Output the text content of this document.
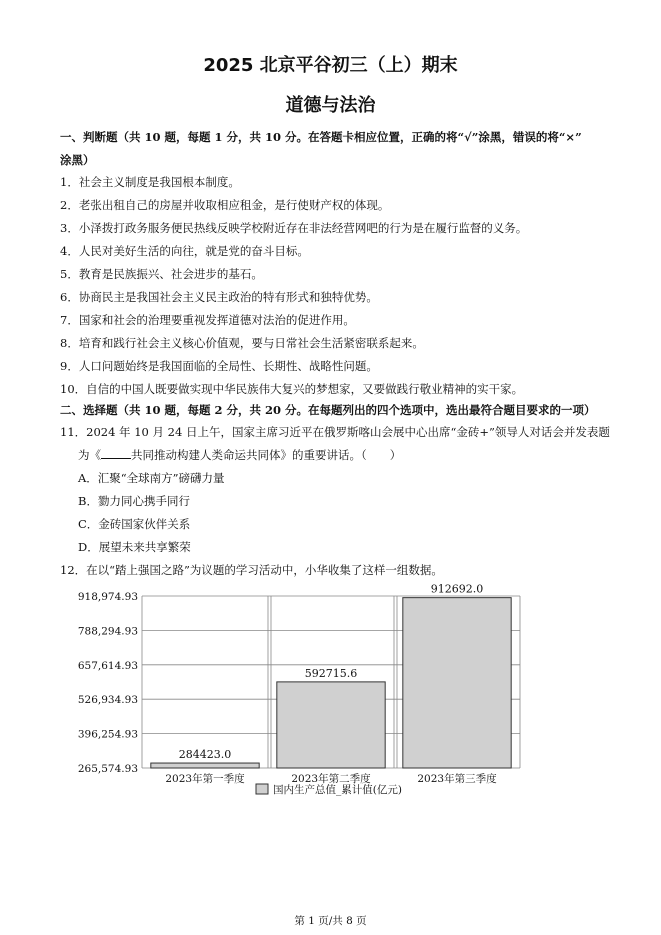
2025 北京平谷初三（上）期末
道德与法治
一、判断题（共 10 题，每题 1 分，共 10 分。在答题卡相应位置，正确的将“√”涂黑，错误的将“×”
涂黑）
1．社会主义制度是我国根本制度。
2．老张出租自己的房屋并收取相应租金，是行使财产权的体现。
3．小泽拨打政务服务便民热线反映学校附近存在非法经营网吧的行为是在履行监督的义务。
4．人民对美好生活的向往，就是党的奋斗目标。
5．教育是民族振兴、社会进步的基石。
6．协商民主是我国社会主义民主政治的特有形式和独特优势。
7．国家和社会的治理要重视发挥道德对法治的促进作用。
8．培育和践行社会主义核心价值观，要与日常社会生活紧密联系起来。
9．人口问题始终是我国面临的全局性、长期性、战略性问题。
10．自信的中国人既要做实现中华民族伟大复兴的梦想家，又要做践行敬业精神的实干家。
二、选择题（共 10 题，每题 2 分，共 20 分。在每题列出的四个选项中，选出最符合题目要求的一项）
11．2024 年 10 月 24 日上午，国家主席习近平在俄罗斯喀山会展中心出席“金砖+”领导人对话会并发表题
为《	共同推动构建人类命运共同体》的重要讲话。（　　）
A．汇聚“全球南方”磅礴力量
B．勠力同心携手同行
C．金砖国家伙伴关系
D．展望未来共享繁荣
12．在以“踏上强国之路”为议题的学习活动中，小华收集了这样一组数据。
284423.0
592715.6
912692.0
265,574.93
396,254.93
526,934.93
657,614.93
788,294.93
918,974.93
2023年第一季度	2023年第二季度	2023年第三季度
国内生产总值_累计值(亿元)
第 1 页/共 8 页
